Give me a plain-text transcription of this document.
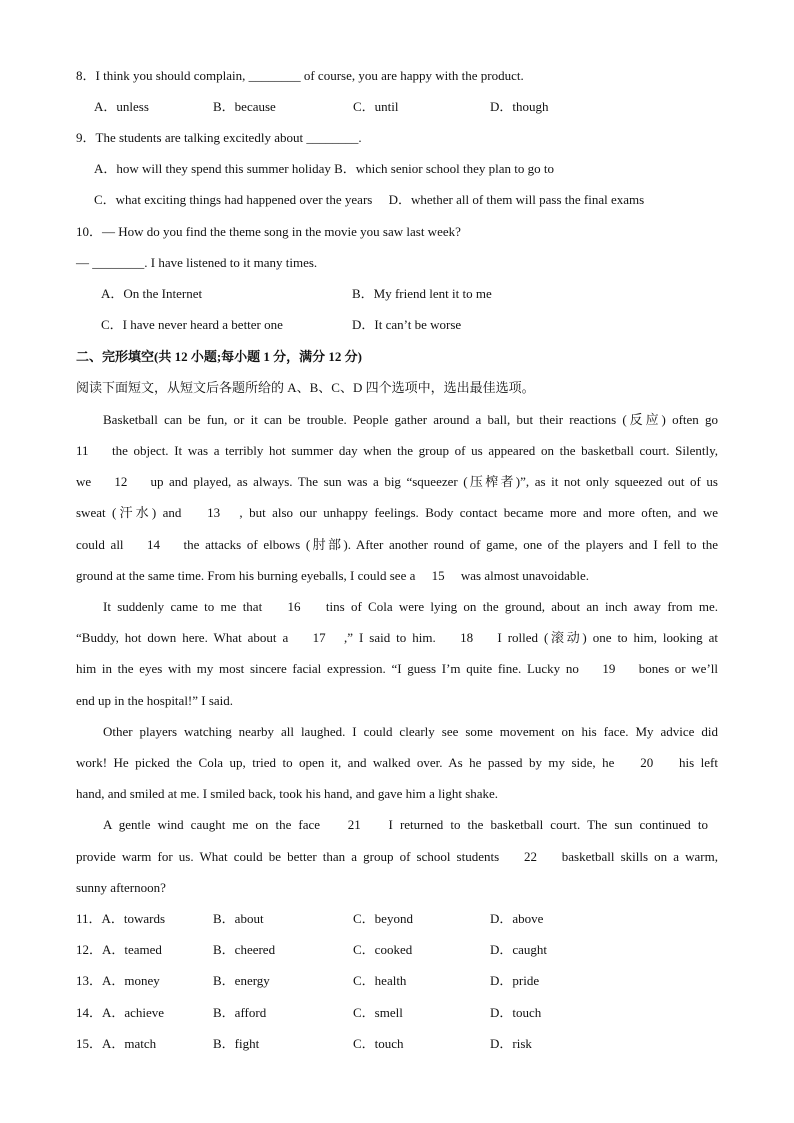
8．I think you should complain, ________ of course, you are happy with the product.
A．unless	B．because	C．until	D．though
9．The students are talking excitedly about ________.
A．how will they spend this summer holiday B．which senior school they plan to go to
C．what exciting things had happened over the years　 D．whether all of them will pass the final exams
10．— How do you find the theme song in the movie you saw last week?
— ________. I have listened to it many times.
A．On the Internet	B．My friend lent it to me
C．I have never heard a better one	D．It can’t be worse
二、完形填空(共 12 小题;每小题 1 分，满分 12 分)
阅读下面短文，从短文后各题所给的 A、B、C、D 四个选项中，选出最佳选项。
Basketball can be fun, or it can be trouble. People gather around a ball, but their reactions (反应) often go
11　 the object. It was a terribly hot summer day when the group of us appeared on the basketball court. Silently,
we　 12　 up and played, as always. The sun was a big “squeezer (压榨者)”, as it not only squeezed out of us
sweat (汗水) and　 13　, but also our unhappy feelings. Body contact became more and more often, and we
could all　 14　 the attacks of elbows (肘部). After another round of game, one of the players and I fell to the
ground at the same time. From his burning eyeballs, I could see a　 15　 was almost unavoidable.
It suddenly came to me that　 16　 tins of Cola were lying on the ground, about an inch away from me.
“Buddy, hot down here. What about a　 17　,” I said to him.　 18　 I rolled (滚动) one to him, looking at
him in the eyes with my most sincere facial expression. “I guess I’m quite fine. Lucky no　 19　 bones or we’ll
end up in the hospital!” I said.
Other players watching nearby all laughed. I could clearly see some movement on his face. My advice did
work! He picked the Cola up, tried to open it, and walked over. As he passed by my side, he　 20　 his left
hand, and smiled at me. I smiled back, took his hand, and gave him a light shake.
A gentle wind caught me on the face　 21　 I returned to the basketball court. The sun continued to
provide warm for us. What could be better than a group of school students　 22　 basketball skills on a warm,
sunny afternoon?
11．A．towards	B．about	C．beyond	D．above
12．A．teamed	B．cheered	C．cooked	D．caught
13．A．money	B．energy	C．health	D．pride
14．A．achieve	B．afford	C．smell	D．touch
15．A．match	B．fight	C．touch	D．risk
